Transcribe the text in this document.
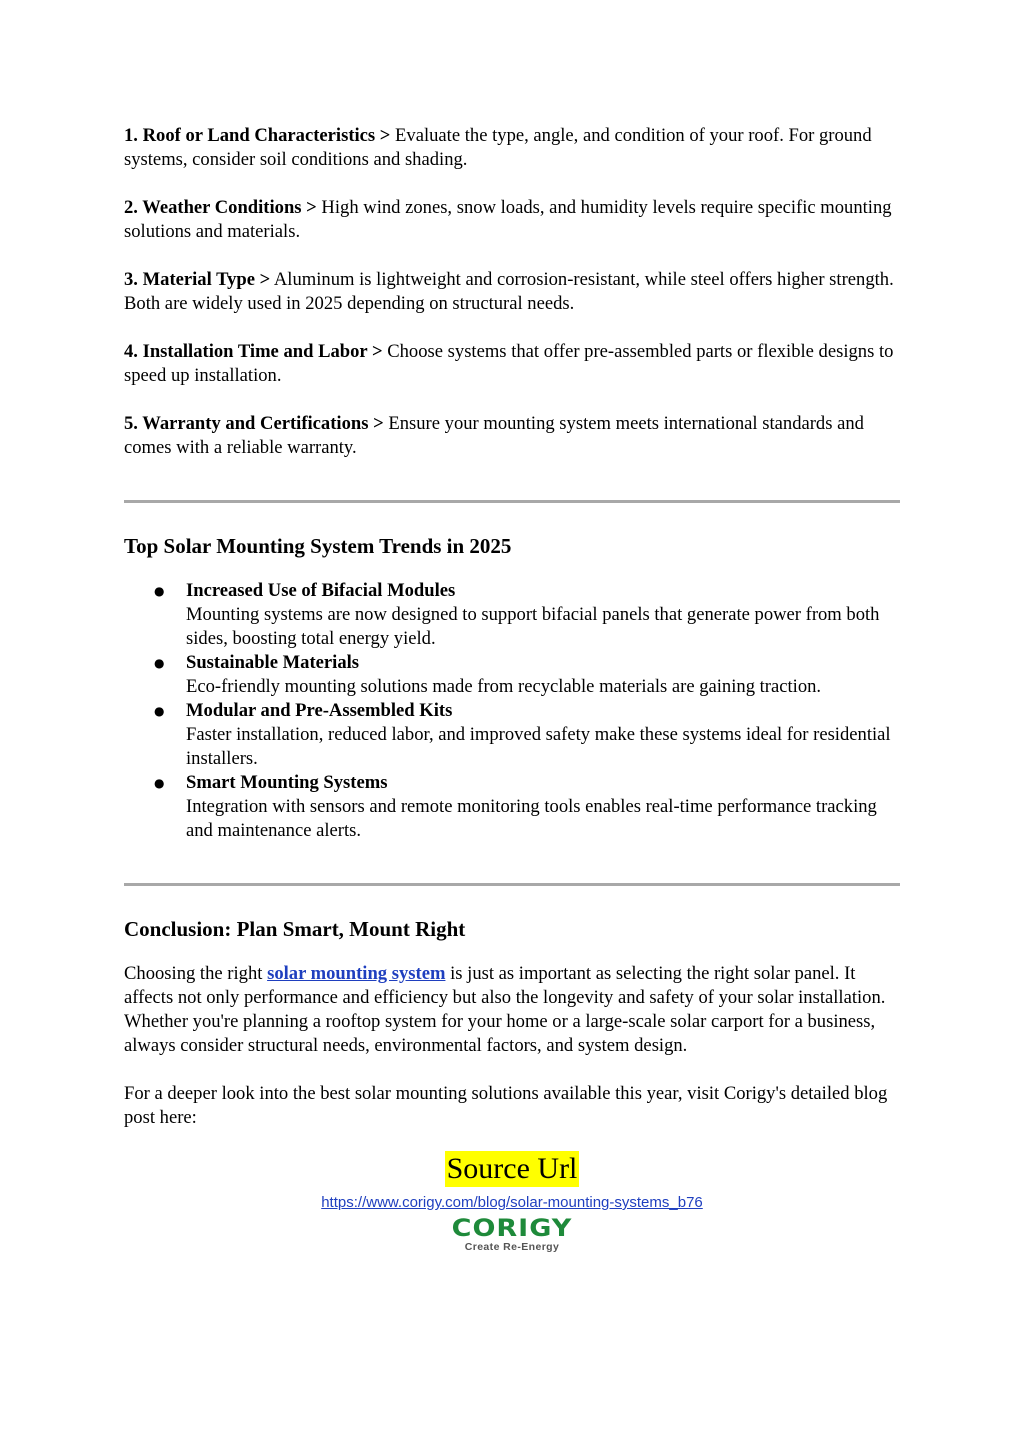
1. Roof or Land Characteristics > Evaluate the type, angle, and condition of your roof. For ground systems, consider soil conditions and shading.

2. Weather Conditions > High wind zones, snow loads, and humidity levels require specific mounting solutions and materials.

3. Material Type > Aluminum is lightweight and corrosion-resistant, while steel offers higher strength. Both are widely used in 2025 depending on structural needs.

4. Installation Time and Labor > Choose systems that offer pre-assembled parts or flexible designs to speed up installation.

5. Warranty and Certifications > Ensure your mounting system meets international standards and comes with a reliable warranty.

Top Solar Mounting System Trends in 2025
● Increased Use of Bifacial Modules
Mounting systems are now designed to support bifacial panels that generate power from both sides, boosting total energy yield.
● Sustainable Materials
Eco-friendly mounting solutions made from recyclable materials are gaining traction.
● Modular and Pre-Assembled Kits
Faster installation, reduced labor, and improved safety make these systems ideal for residential installers.
● Smart Mounting Systems
Integration with sensors and remote monitoring tools enables real-time performance tracking and maintenance alerts.
Conclusion: Plan Smart, Mount Right

Choosing the right solar mounting system is just as important as selecting the right solar panel. It affects not only performance and efficiency but also the longevity and safety of your solar installation. Whether you're planning a rooftop system for your home or a large-scale solar carport for a business, always consider structural needs, environmental factors, and system design.

For a deeper look into the best solar mounting solutions available this year, visit Corigy's detailed blog post here:

Source Url
https://www.corigy.com/blog/solar-mounting-systems_b76
CORIGY
Create Re-Energy
